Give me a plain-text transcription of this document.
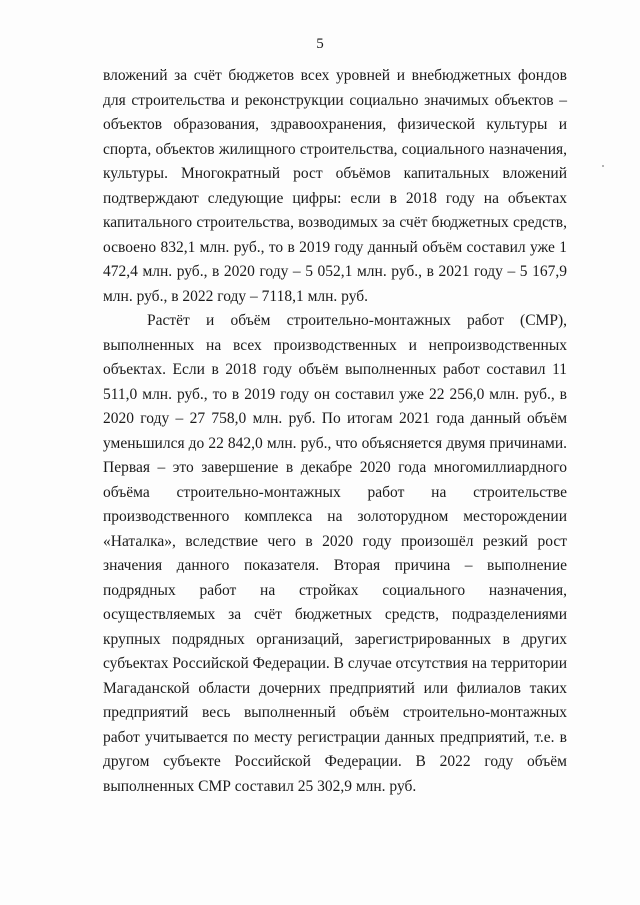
5

вложений за счёт бюджетов всех уровней и внебюджетных фондов для строительства и реконструкции социально значимых объектов – объектов образования, здравоохранения, физической культуры и спорта, объектов жилищного строительства, социального назначения, культуры. Многократный рост объёмов капитальных вложений подтверждают следующие цифры: если в 2018 году на объектах капитального строительства, возводимых за счёт бюджетных средств, освоено 832,1 млн. руб., то в 2019 году данный объём составил уже 1 472,4 млн. руб., в 2020 году – 5 052,1 млн. руб., в 2021 году – 5 167,9 млн. руб., в 2022 году – 7118,1 млн. руб.

Растёт и объём строительно-монтажных работ (СМР), выполненных на всех производственных и непроизводственных объектах. Если в 2018 году объём выполненных работ составил 11 511,0 млн. руб., то в 2019 году он составил уже 22 256,0 млн. руб., в 2020 году – 27 758,0 млн. руб. По итогам 2021 года данный объём уменьшился до 22 842,0 млн. руб., что объясняется двумя причинами. Первая – это завершение в декабре 2020 года многомиллиардного объёма строительно-монтажных работ на строительстве производственного комплекса на золоторудном месторождении «Наталка», вследствие чего в 2020 году произошёл резкий рост значения данного показателя. Вторая причина – выполнение подрядных работ на стройках социального назначения, осуществляемых за счёт бюджетных средств, подразделениями крупных подрядных организаций, зарегистрированных в других субъектах Российской Федерации. В случае отсутствия на территории Магаданской области дочерних предприятий или филиалов таких предприятий весь выполненный объём строительно-монтажных работ учитывается по месту регистрации данных предприятий, т.е. в другом субъекте Российской Федерации. В 2022 году объём выполненных СМР составил 25 302,9 млн. руб.
